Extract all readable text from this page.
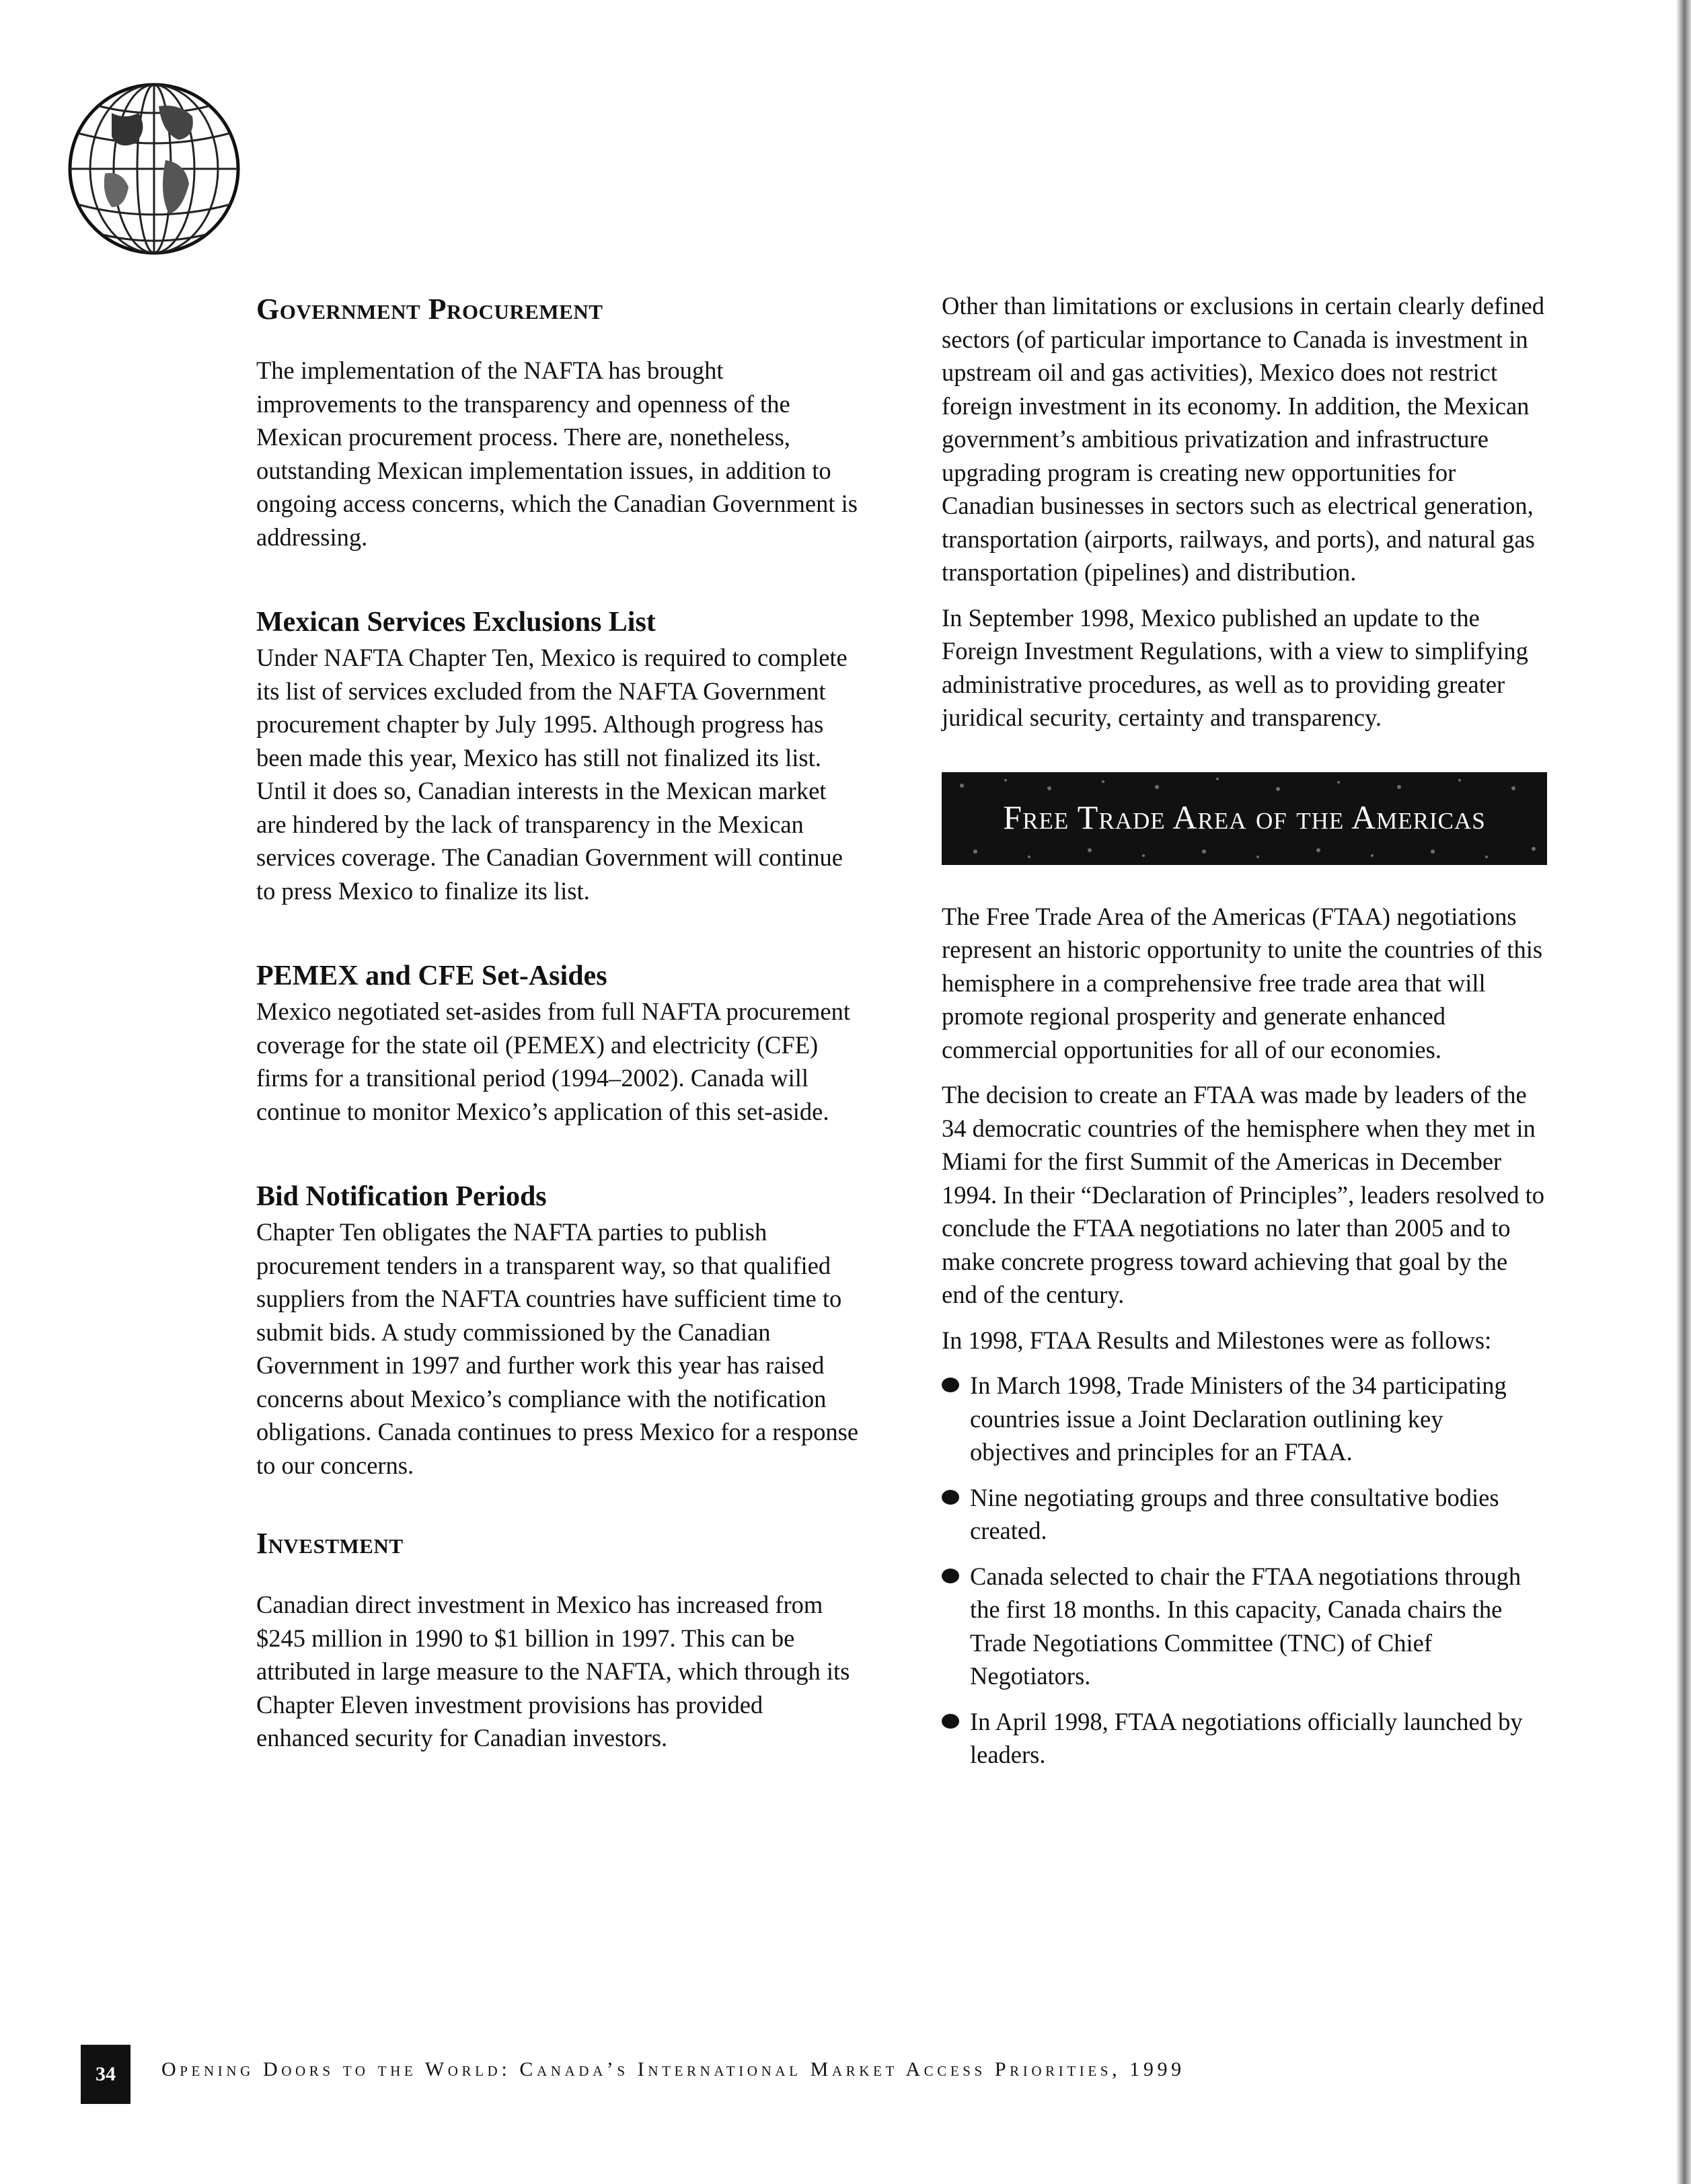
Government Procurement

The implementation of the NAFTA has brought improvements to the transparency and openness of the Mexican procurement process. There are, nonetheless, outstanding Mexican implementation issues, in addition to ongoing access concerns, which the Canadian Government is addressing.

Mexican Services Exclusions List

Under NAFTA Chapter Ten, Mexico is required to complete its list of services excluded from the NAFTA Government procurement chapter by July 1995. Although progress has been made this year, Mexico has still not finalized its list. Until it does so, Canadian interests in the Mexican market are hindered by the lack of transparency in the Mexican services coverage. The Canadian Government will continue to press Mexico to finalize its list.

PEMEX and CFE Set-Asides

Mexico negotiated set-asides from full NAFTA procurement coverage for the state oil (PEMEX) and electricity (CFE) firms for a transitional period (1994–2002). Canada will continue to monitor Mexico’s application of this set-aside.

Bid Notification Periods

Chapter Ten obligates the NAFTA parties to publish procurement tenders in a transparent way, so that qualified suppliers from the NAFTA countries have sufficient time to submit bids. A study commissioned by the Canadian Government in 1997 and further work this year has raised concerns about Mexico’s compliance with the notification obligations. Canada continues to press Mexico for a response to our concerns.

Investment

Canadian direct investment in Mexico has increased from $245 million in 1990 to $1 billion in 1997. This can be attributed in large measure to the NAFTA, which through its Chapter Eleven investment provisions has provided enhanced security for Canadian investors.

Other than limitations or exclusions in certain clearly defined sectors (of particular importance to Canada is investment in upstream oil and gas activities), Mexico does not restrict foreign investment in its economy. In addition, the Mexican government’s ambitious privatization and infrastructure upgrading program is creating new opportunities for Canadian businesses in sectors such as electrical generation, transportation (airports, railways, and ports), and natural gas transportation (pipelines) and distribution.

In September 1998, Mexico published an update to the Foreign Investment Regulations, with a view to simplifying administrative procedures, as well as to providing greater juridical security, certainty and transparency.

Free Trade Area of the Americas

The Free Trade Area of the Americas (FTAA) negotiations represent an historic opportunity to unite the countries of this hemisphere in a comprehensive free trade area that will promote regional prosperity and generate enhanced commercial opportunities for all of our economies.

The decision to create an FTAA was made by leaders of the 34 democratic countries of the hemisphere when they met in Miami for the first Summit of the Americas in December 1994. In their “Declaration of Principles”, leaders resolved to conclude the FTAA negotiations no later than 2005 and to make concrete progress toward achieving that goal by the end of the century.

In 1998, FTAA Results and Milestones were as follows:

In March 1998, Trade Ministers of the 34 participating countries issue a Joint Declaration outlining key objectives and principles for an FTAA.
Nine negotiating groups and three consultative bodies created.
Canada selected to chair the FTAA negotiations through the first 18 months. In this capacity, Canada chairs the Trade Negotiations Committee (TNC) of Chief Negotiators.
In April 1998, FTAA negotiations officially launched by leaders.
34	Opening Doors to the World: Canada’s International Market Access Priorities, 1999
